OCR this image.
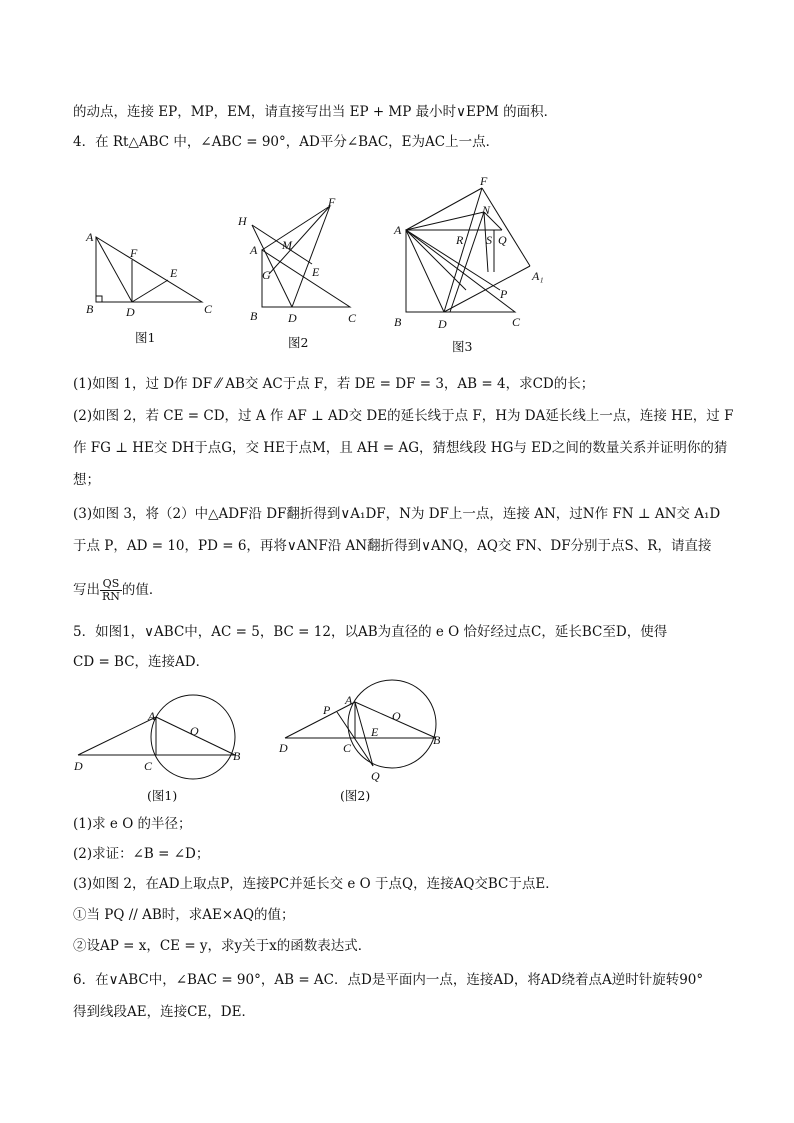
的动点，连接 EP，MP，EM，请直接写出当 EP + MP 最小时∨EPM 的面积．
4．在 Rt△ABC 中，∠ABC = 90°，AD平分∠BAC，E为AC上一点．
A
B	C
D
E
F
图1
H
A M
G	E
F
B	D	C
图2
A
F
N
R S Q
A₁
P
B	D	C
图3
(1)如图 1，过 D作 DF ⁄⁄ AB交 AC于点 F，若 DE = DF = 3，AB = 4，求CD的长；
(2)如图 2，若 CE = CD，过 A 作 AF ⊥ AD交 DE的延长线于点 F，H为 DA延长线上一点，连接 HE，过 F
作 FG ⊥ HE交 DH于点G，交 HE于点M，且 AH = AG，猜想线段 HG与 ED之间的数量关系并证明你的猜
想；
(3)如图 3，将（2）中△ADF沿 DF翻折得到∨A₁DF，N为 DF上一点，连接 AN，过N作 FN ⊥ AN交 A₁D
于点 P，AD = 10，PD = 6，再将∨ANF沿 AN翻折得到∨ANQ，AQ交 FN、DF分别于点S、R，请直接
写出 $\frac{QS}{RN}$ 的值．
5．如图1，∨ABC中，AC = 5，BC = 12，以AB为直径的 e O 恰好经过点C，延长BC至D，使得
CD = BC，连接AD．
A
O
B
D	C
(图1)
P
A
O
E
B
D	C
Q
(图2)
(1)求 e O 的半径；
(2)求证：∠B = ∠D；
(3)如图 2，在AD上取点P，连接PC并延长交 e O 于点Q，连接AQ交BC于点E．
①当 PQ // AB时，求AE×AQ的值；
②设AP = x，CE = y，求y关于x的函数表达式．
6．在∨ABC中，∠BAC = 90°，AB = AC．点D是平面内一点，连接AD，将AD绕着点A逆时针旋转90°
得到线段AE，连接CE，DE．
